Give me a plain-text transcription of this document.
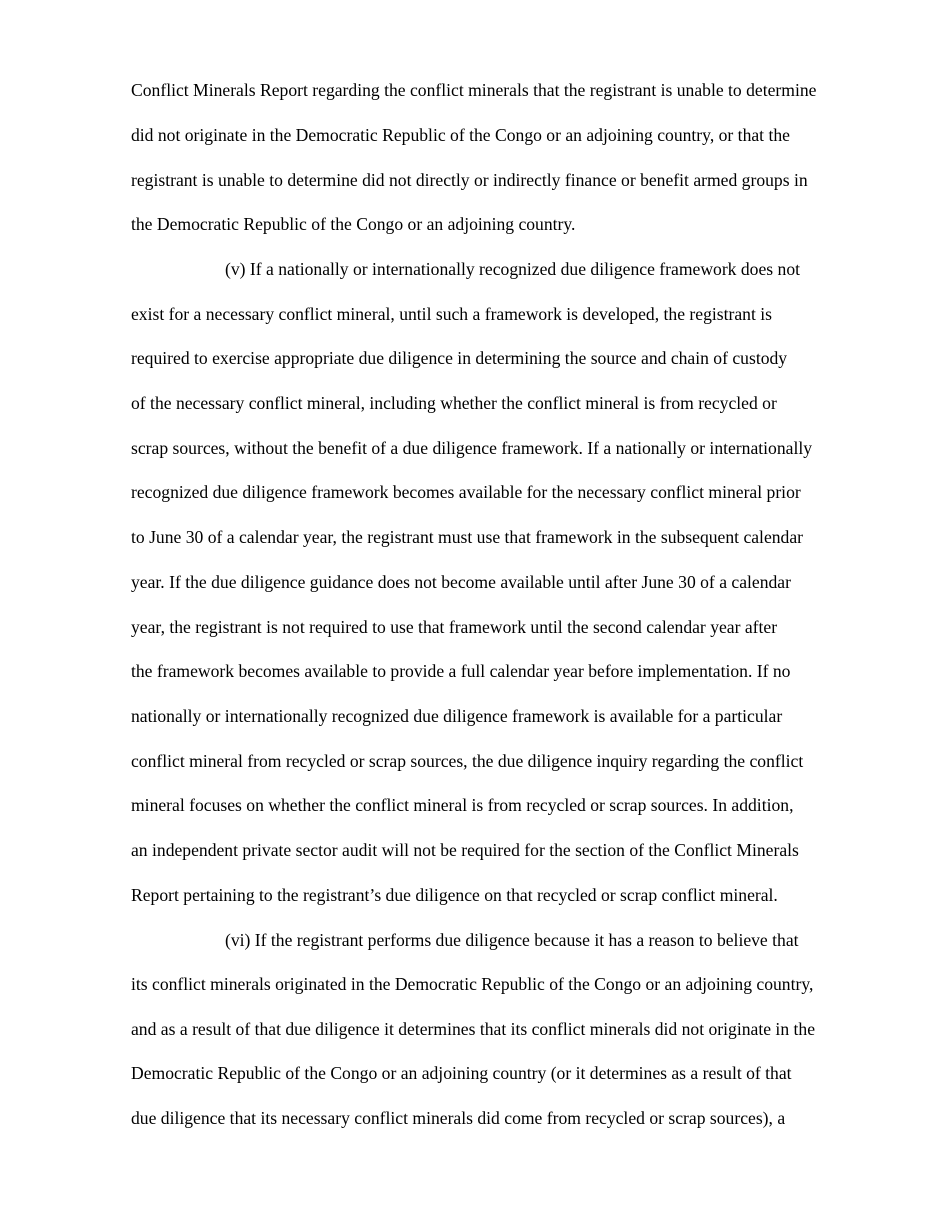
Conflict Minerals Report regarding the conflict minerals that the registrant is unable to determine

did not originate in the Democratic Republic of the Congo or an adjoining country, or that the

registrant is unable to determine did not directly or indirectly finance or benefit armed groups in

the Democratic Republic of the Congo or an adjoining country.

(v) If a nationally or internationally recognized due diligence framework does not

exist for a necessary conflict mineral, until such a framework is developed, the registrant is

required to exercise appropriate due diligence in determining the source and chain of custody

of the necessary conflict mineral, including whether the conflict mineral is from recycled or

scrap sources, without the benefit of a due diligence framework. If a nationally or internationally

recognized due diligence framework becomes available for the necessary conflict mineral prior

to June 30 of a calendar year, the registrant must use that framework in the subsequent calendar

year. If the due diligence guidance does not become available until after June 30 of a calendar

year, the registrant is not required to use that framework until the second calendar year after

the framework becomes available to provide a full calendar year before implementation. If no

nationally or internationally recognized due diligence framework is available for a particular

conflict mineral from recycled or scrap sources, the due diligence inquiry regarding the conflict

mineral focuses on whether the conflict mineral is from recycled or scrap sources. In addition,

an independent private sector audit will not be required for the section of the Conflict Minerals

Report pertaining to the registrant’s due diligence on that recycled or scrap conflict mineral.

(vi) If the registrant performs due diligence because it has a reason to believe that

its conflict minerals originated in the Democratic Republic of the Congo or an adjoining country,

and as a result of that due diligence it determines that its conflict minerals did not originate in the

Democratic Republic of the Congo or an adjoining country (or it determines as a result of that

due diligence that its necessary conflict minerals did come from recycled or scrap sources), a
